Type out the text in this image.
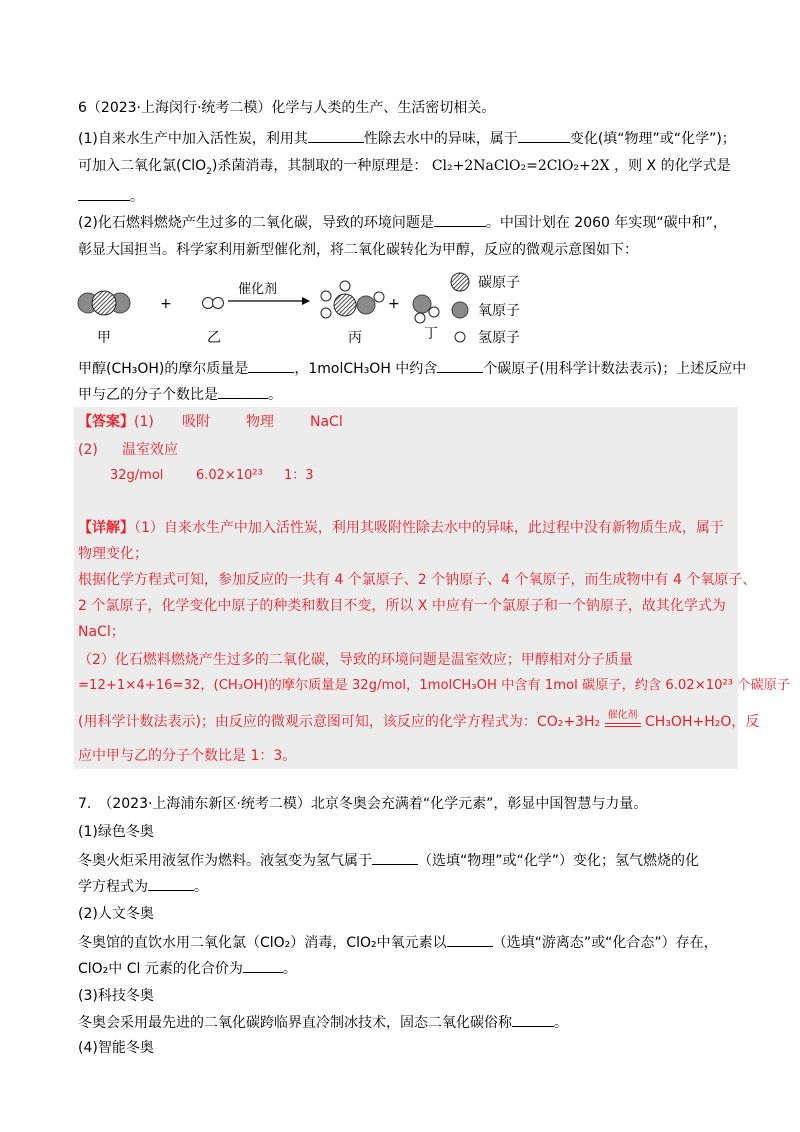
6（2023·上海闵行·统考二模）化学与人类的生产、生活密切相关。
(1)自来水生产中加入活性炭，利用其	性除去水中的异味，属于	变化(填“物理”或“化学”)；
可加入二氧化氯(ClO$_2$)杀菌消毒，其制取的一种原理是： Cl₂+2NaClO₂=2ClO₂+2X ，则 X 的化学式是
。
(2)化石燃料燃烧产生过多的二氧化碳，导致的环境问题是	。中国计划在 2060 年实现“碳中和”，
彰显大国担当。科学家利用新型催化剂，将二氧化碳转化为甲醇，反应的微观示意图如下：
+
催化剂
+
甲	乙	丙	丁
碳原子
氧原子
氢原子
甲醇(CH₃OH)的摩尔质量是	，1molCH₃OH 中约含	个碳原子(用科学计数法表示)；上述反应中
甲与乙的分子个数比是	。
【答案】(1) 吸附	物理	NaCl
(2) 温室效应
32g/mol	6.02×10²³ 1：3
【详解】（1）自来水生产中加入活性炭，利用其吸附性除去水中的异味，此过程中没有新物质生成，属于
物理变化；
根据化学方程式可知，参加反应的一共有 4 个氯原子、2 个钠原子、4 个氧原子，而生成物中有 4 个氧原子、
2 个氯原子，化学变化中原子的种类和数目不变，所以 X 中应有一个氯原子和一个钠原子，故其化学式为
NaCl；
（2）化石燃料燃烧产生过多的二氧化碳，导致的环境问题是温室效应；甲醇相对分子质量
=12+1×4+16=32，(CH₃OH)的摩尔质量是 32g/mol，1molCH₃OH 中含有 1mol 碳原子，约含 6.02×10²³ 个碳原子
(用科学计数法表示)；由反应的微观示意图可知，该反应的化学方程式为：CO₂+3H₂ 催化剂 CH₃OH+H₂O，反
应中甲与乙的分子个数比是 1：3。
7.　（2023·上海浦东新区·统考二模）北京冬奥会充满着“化学元素”，彰显中国智慧与力量。
(1)绿色冬奥
冬奥火炬采用液氢作为燃料。液氢变为氢气属于	（选填“物理”或“化学”）变化；氢气燃烧的化
学方程式为	。
(2)人文冬奥
冬奥馆的直饮水用二氧化氯（ClO₂）消毒，ClO₂中氧元素以	（选填“游离态”或“化合态”）存在，
ClO₂中 Cl 元素的化合价为	。
(3)科技冬奥
冬奥会采用最先进的二氧化碳跨临界直冷制冰技术，固态二氧化碳俗称	。
(4)智能冬奥
